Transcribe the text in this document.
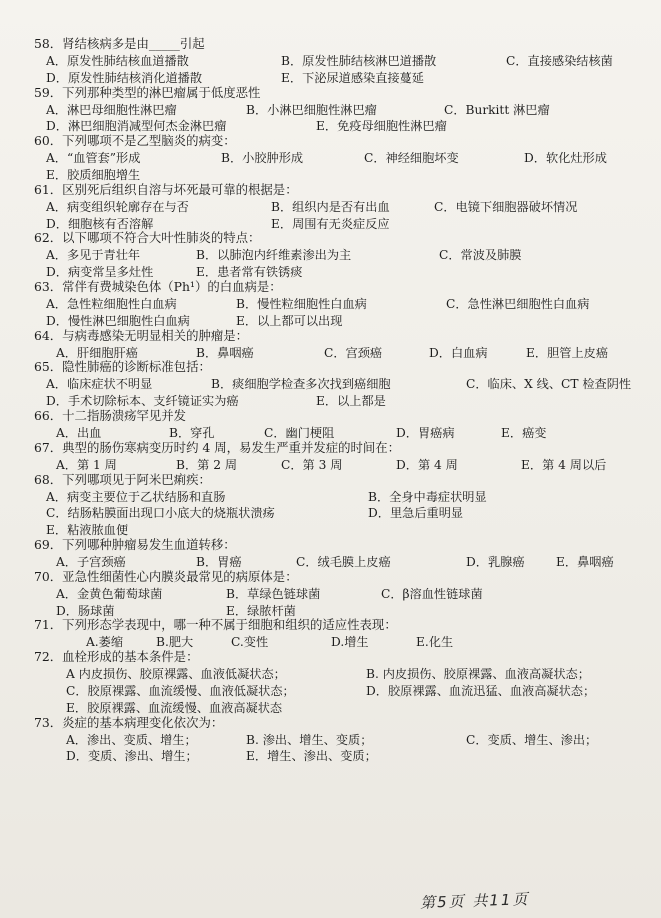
58．肾结核病多是由_____引起
A．原发性肺结核血道播散	B．原发性肺结核淋巴道播散	C．直接感染结核菌
D．原发性肺结核消化道播散	E．下泌尿道感染直接蔓延
59．下列那种类型的淋巴瘤属于低度恶性
A．淋巴母细胞性淋巴瘤	B．小淋巴细胞性淋巴瘤	C．Burkitt 淋巴瘤
D．淋巴细胞消减型何杰金淋巴瘤	E．免疫母细胞性淋巴瘤
60．下列哪项不是乙型脑炎的病变：
A．“血管套”形成	B．小胶肿形成	C．神经细胞坏变	D．软化灶形成
E．胶质细胞增生
61．区别死后组织自溶与坏死最可靠的根据是：
A．病变组织轮廓存在与否	B．组织内是否有出血	C．电镜下细胞器破坏情况
D．细胞核有否溶解	E．周围有无炎症反应
62．以下哪项不符合大叶性肺炎的特点：
A．多见于青壮年	B．以肺泡内纤维素渗出为主	C．常波及肺膜
D．病变常呈多灶性	E．患者常有铁锈痰
63．常伴有费城染色体（Ph¹）的白血病是：
A．急性粒细胞性白血病	B．慢性粒细胞性白血病	C．急性淋巴细胞性白血病
D．慢性淋巴细胞性白血病	E．以上都可以出现
64．与病毒感染无明显相关的肿瘤是：
A．肝细胞肝癌	B．鼻咽癌	C．宫颈癌	D．白血病	E．胆管上皮癌
65．隐性肺癌的诊断标准包括：
A．临床症状不明显	B．痰细胞学检查多次找到癌细胞	C．临床、X 线、CT 检查阴性
D．手术切除标本、支纤镜证实为癌	E．以上都是
66．十二指肠溃疡罕见并发
A．出血	B．穿孔	C．幽门梗阻	D．胃癌病	E．癌变
67．典型的肠伤寒病变历时约 4 周，易发生严重并发症的时间在：
A．第 1 周	B．第 2 周	C．第 3 周	D．第 4 周	E．第 4 周以后
68．下列哪项见于阿米巴痢疾：
A．病变主要位于乙状结肠和直肠	B．全身中毒症状明显
C．结肠粘膜面出现口小底大的烧瓶状溃疡	D．里急后重明显
E．粘液脓血便
69．下列哪种肿瘤易发生血道转移：
A．子宫颈癌	B．胃癌	C．绒毛膜上皮癌	D．乳腺癌	E．鼻咽癌
70．亚急性细菌性心内膜炎最常见的病原体是：
A．金黄色葡萄球菌	B．草绿色链球菌	C．β溶血性链球菌
D．肠球菌	E．绿脓杆菌
71．下列形态学表现中，哪一种不属于细胞和组织的适应性表现：
A.萎缩	B.肥大	C.变性	D.增生	E.化生
72．血栓形成的基本条件是：
A 内皮损伤、胶原裸露、血液低凝状态；	B. 内皮损伤、胶原裸露、血液高凝状态；
C．胶原裸露、血流缓慢、血液低凝状态；	D．胶原裸露、血流迅猛、血液高凝状态；
E．胶原裸露、血流缓慢、血液高凝状态
73．炎症的基本病理变化依次为：
A．渗出、变质、增生；	B. 渗出、增生、变质；	C．变质、增生、渗出；
D．变质、渗出、增生；	E．增生、渗出、变质；
第5页 共11页
